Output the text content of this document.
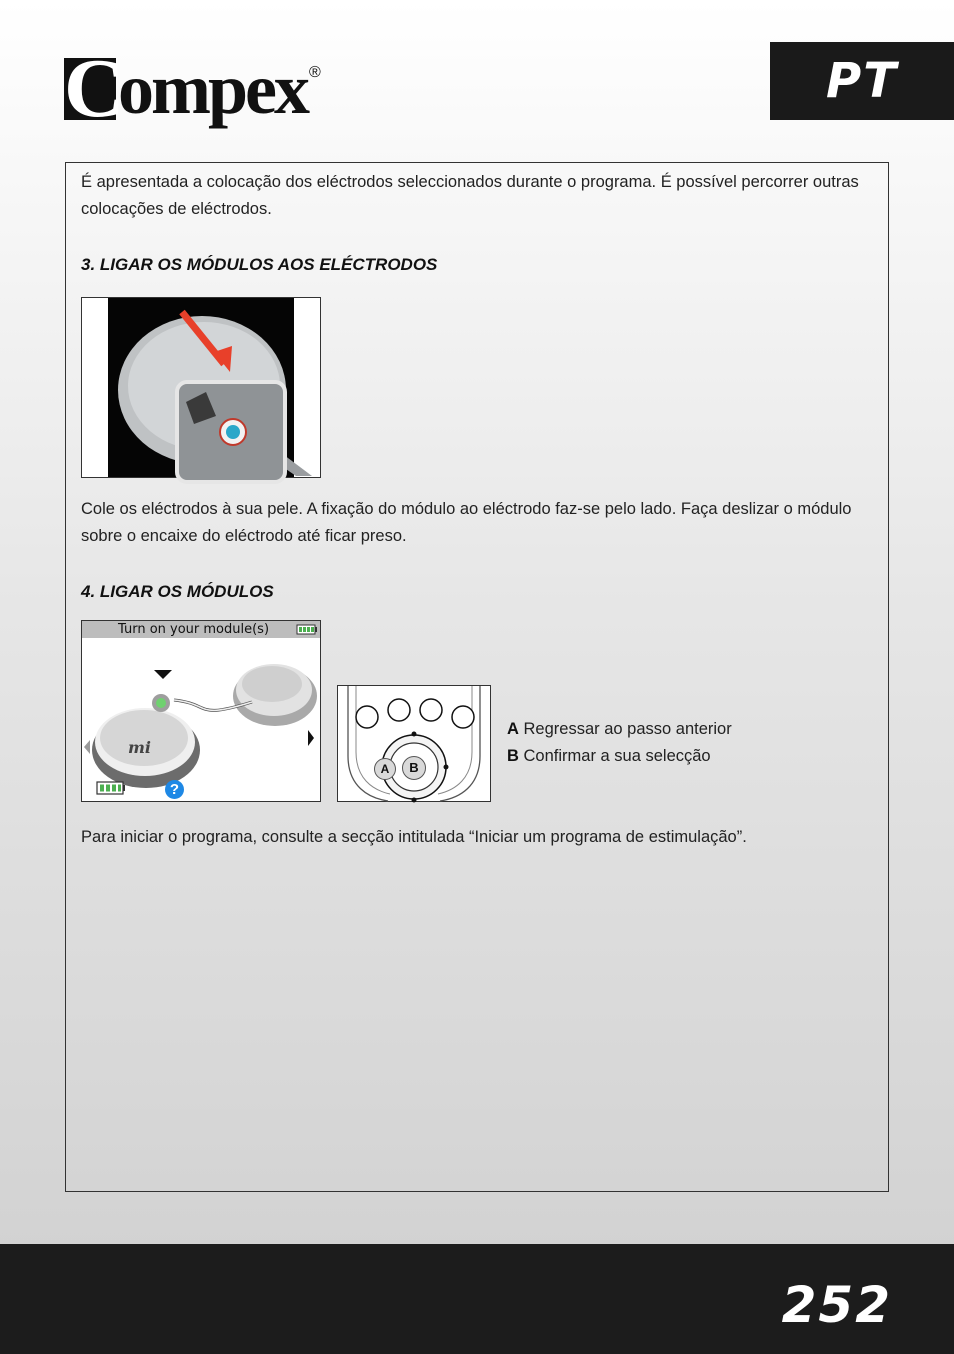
C
ompex ®	PT

É apresentada a colocação dos eléctrodos seleccionados durante o programa. É possível percorrer outras colocações de eléctrodos.

3. LIGAR OS MÓDULOS AOS ELÉCTRODOS

Cole os eléctrodos à sua pele. A fixação do módulo ao eléctrodo faz-se pelo lado. Faça deslizar o módulo sobre o encaixe do eléctrodo até ficar preso.

4. LIGAR OS MÓDULOS
Turn on your module(s)
mi
?
A	B
A Regressar ao passo anterior
B Confirmar a sua selecção

Para iniciar o programa, consulte a secção intitulada “Iniciar um programa de estimulação”.

252
